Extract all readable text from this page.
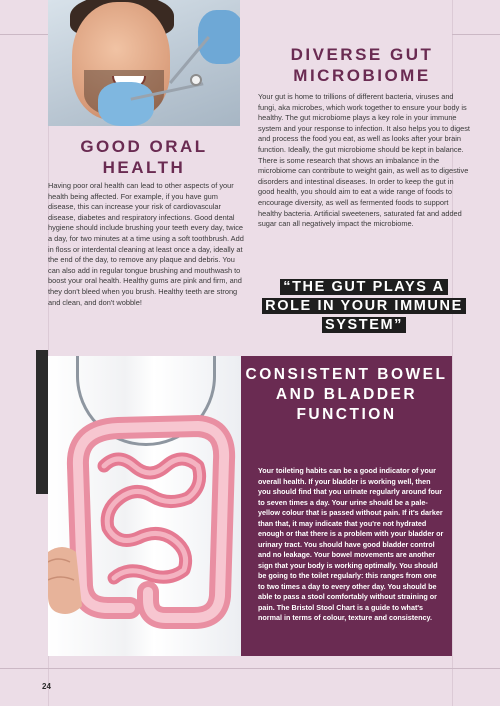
GOOD ORAL HEALTH

Having poor oral health can lead to other aspects of your health being affected. For example, if you have gum disease, this can increase your risk of cardiovascular disease, diabetes and respiratory infections. Good dental hygiene should include brushing your teeth every day, twice a day, for two minutes at a time using a soft toothbrush. Add in floss or interdental cleaning at least once a day, ideally at the end of the day, to remove any plaque and debris. You can also add in regular tongue brushing and mouthwash to boost your oral health. Healthy gums are pink and firm, and they don't bleed when you brush. Healthy teeth are strong and clean, and don't wobble!

DIVERSE GUT MICROBIOME

Your gut is home to trillions of different bacteria, viruses and fungi, aka microbes, which work together to ensure your body is healthy. The gut microbiome plays a key role in your immune system and your response to infection. It also helps you to digest and process the food you eat, as well as looks after your brain function. Ideally, the gut microbiome should be kept in balance. There is some research that shows an imbalance in the microbiome can contribute to weight gain, as well as to digestive disorders and intestinal diseases. In order to keep the gut in good health, you should aim to eat a wide range of foods to encourage diversity, as well as fermented foods to support healthy bacteria. Artificial sweeteners, saturated fat and added sugar can all negatively impact the microbiome.

“THE GUT PLAYS A ROLE IN YOUR IMMUNE SYSTEM”
CONSISTENT BOWEL AND BLADDER FUNCTION

Your toileting habits can be a good indicator of your overall health. If your bladder is working well, then you should find that you urinate regularly around four to seven times a day. Your urine should be a pale-yellow colour that is passed without pain. If it's darker than that, it may indicate that you're not hydrated enough or that there is a problem with your bladder or urinary tract. You should have good bladder control and no leakage. Your bowel movements are another sign that your body is working optimally. You should be going to the toilet regularly: this ranges from one to two times a day to every other day. You should be able to pass a stool comfortably without straining or pain. The Bristol Stool Chart is a guide to what's normal in terms of colour, texture and consistency.

24
